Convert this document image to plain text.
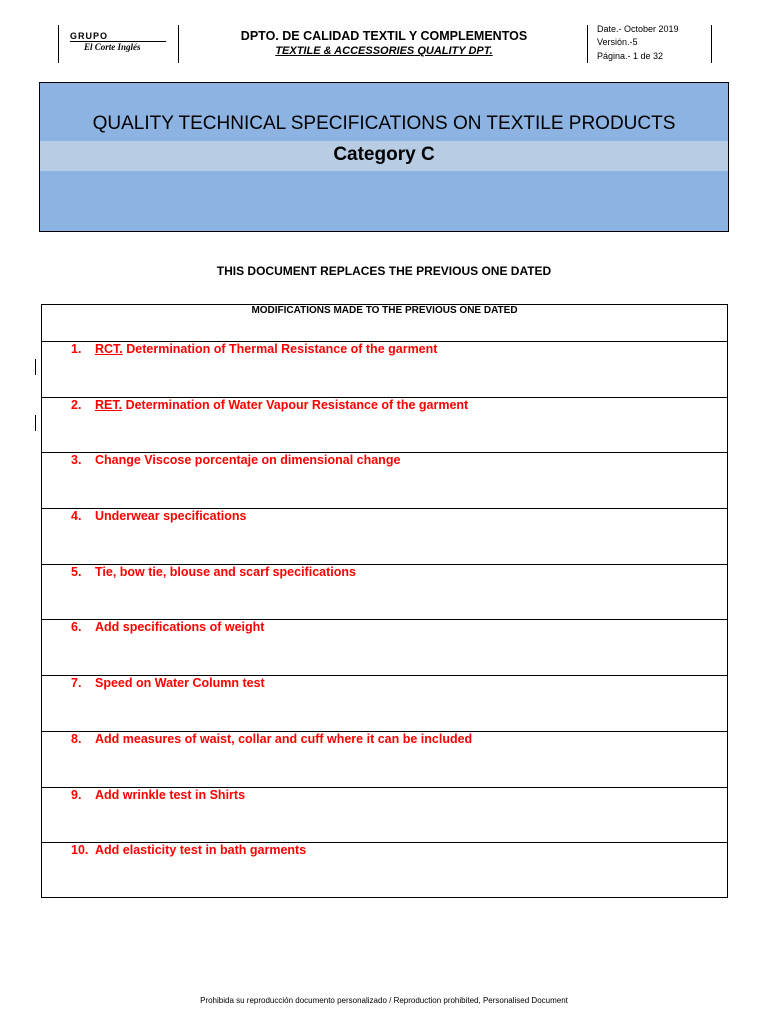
GRUPO
El Corte Inglés
DPTO. DE CALIDAD TEXTIL Y COMPLEMENTOS
TEXTILE & ACCESSORIES QUALITY DPT.
Date.- October 2019
Versión.-5
Página.- 1 de 32
QUALITY TECHNICAL SPECIFICATIONS ON TEXTILE PRODUCTS
Category C
THIS DOCUMENT REPLACES THE PREVIOUS ONE DATED
MODIFICATIONS MADE TO THE PREVIOUS ONE DATED
1. RCT. Determination of Thermal Resistance of the garment
2. RET. Determination of Water Vapour Resistance of the garment
3. Change Viscose porcentaje on dimensional change
4. Underwear specifications
5. Tie, bow tie, blouse and scarf specifications
6. Add specifications of weight
7. Speed on Water Column test
8. Add measures of waist, collar and cuff where it can be included
9. Add wrinkle test in Shirts
10. Add elasticity test in bath garments
Prohibida su reproducción documento personalizado / Reproduction prohibited, Personalised Document
